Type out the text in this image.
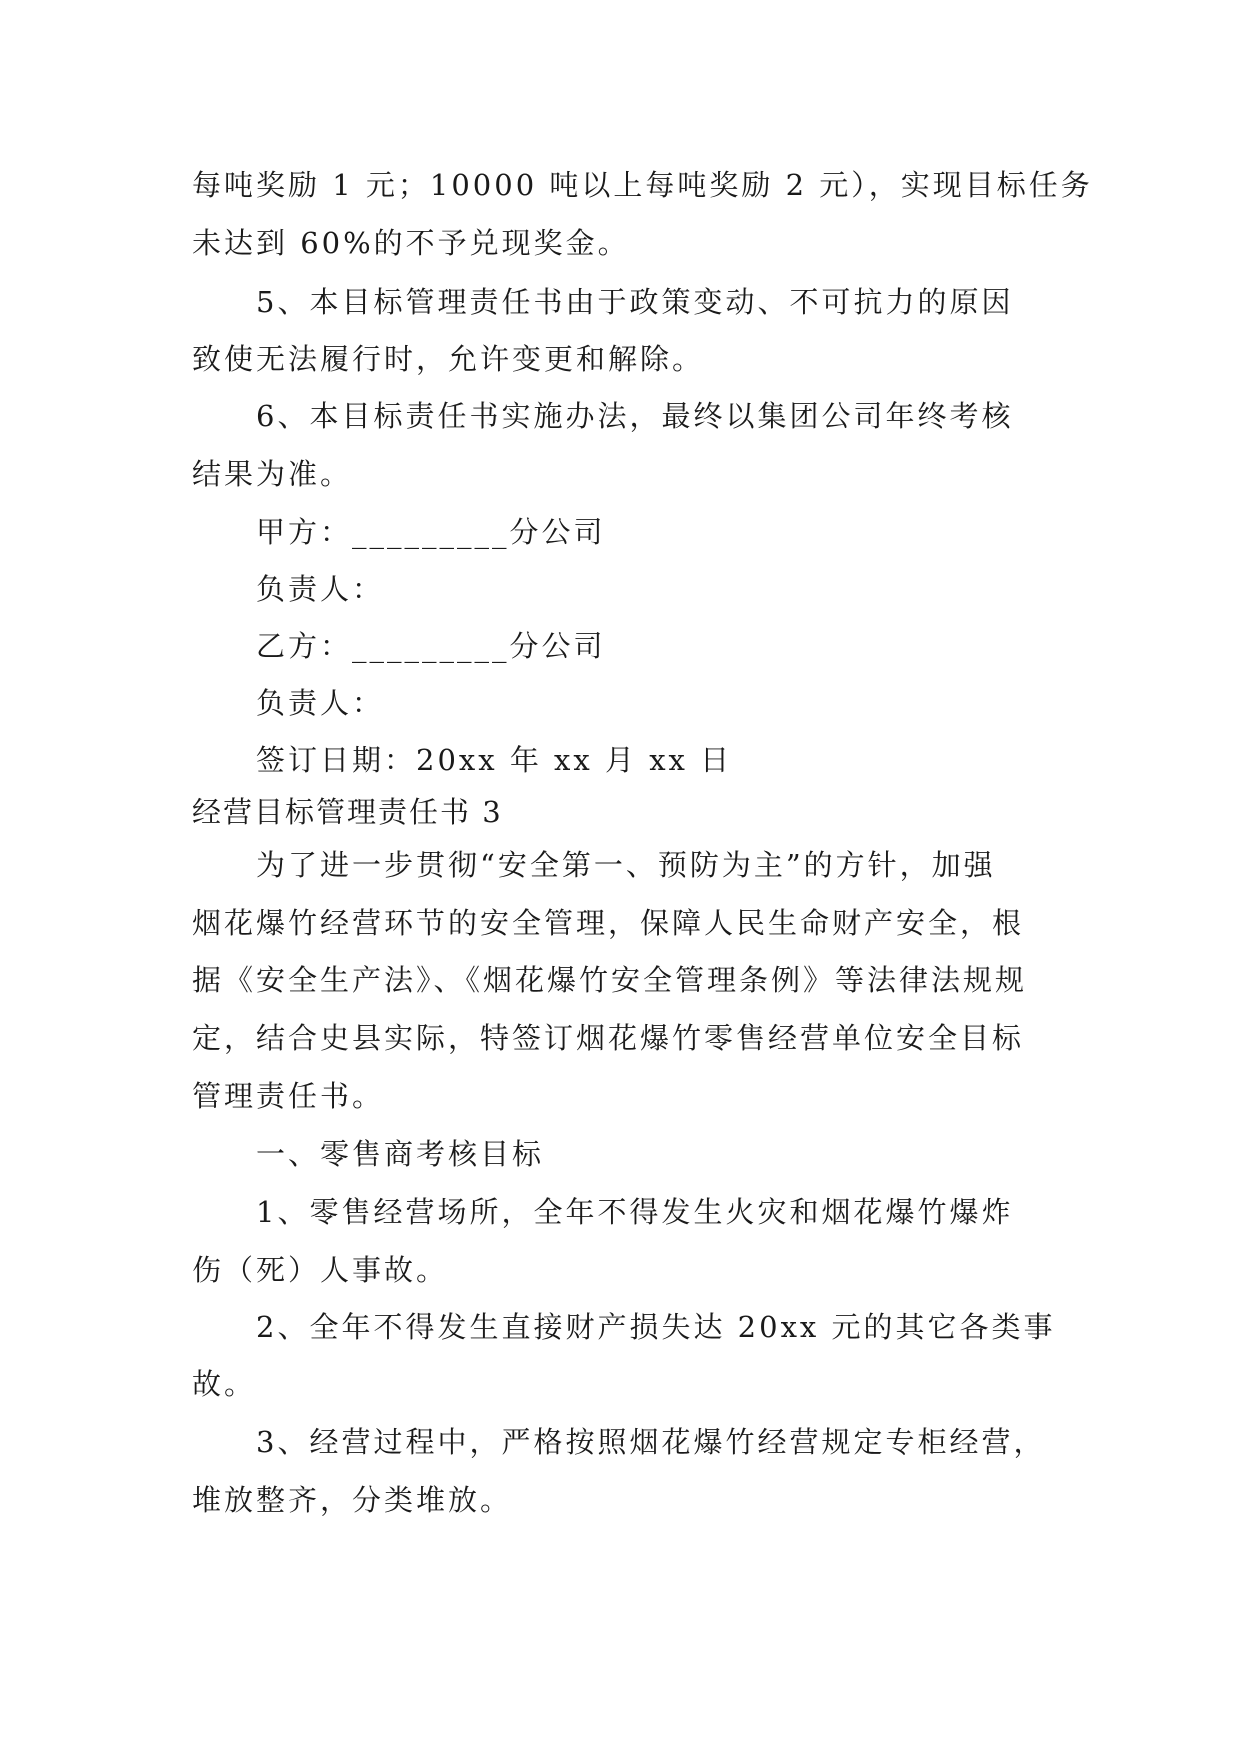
每吨奖励 1 元；10000 吨以上每吨奖励 2 元），实现目标任务
未达到 60%的不予兑现奖金。
5、本目标管理责任书由于政策变动、不可抗力的原因
致使无法履行时，允许变更和解除。
6、本目标责任书实施办法，最终以集团公司年终考核
结果为准。
甲方：_________分公司
负责人：
乙方：_________分公司
负责人：
签订日期：20xx 年 xx 月 xx 日
经营目标管理责任书 3
为了进一步贯彻“安全第一、预防为主”的方针，加强
烟花爆竹经营环节的安全管理，保障人民生命财产安全，根
据《安全生产法》、《烟花爆竹安全管理条例》等法律法规规
定，结合史县实际，特签订烟花爆竹零售经营单位安全目标
管理责任书。
一、零售商考核目标
1、零售经营场所，全年不得发生火灾和烟花爆竹爆炸
伤（死）人事故。
2、全年不得发生直接财产损失达 20xx 元的其它各类事
故。
3、经营过程中，严格按照烟花爆竹经营规定专柜经营，
堆放整齐，分类堆放。
